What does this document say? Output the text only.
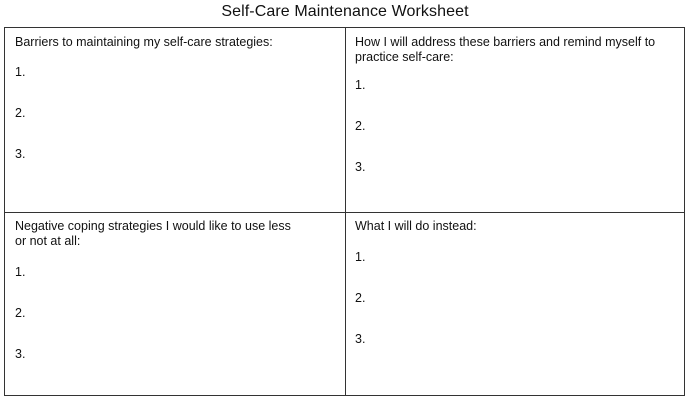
Self-Care Maintenance Worksheet
Barriers to maintaining my self-care strategies:
1.
2.
3.
How I will address these barriers and remind myself to
practice self-care:
1.
2.
3.
Negative coping strategies I would like to use less
or not at all:
1.
2.
3.
What I will do instead:
1.
2.
3.
